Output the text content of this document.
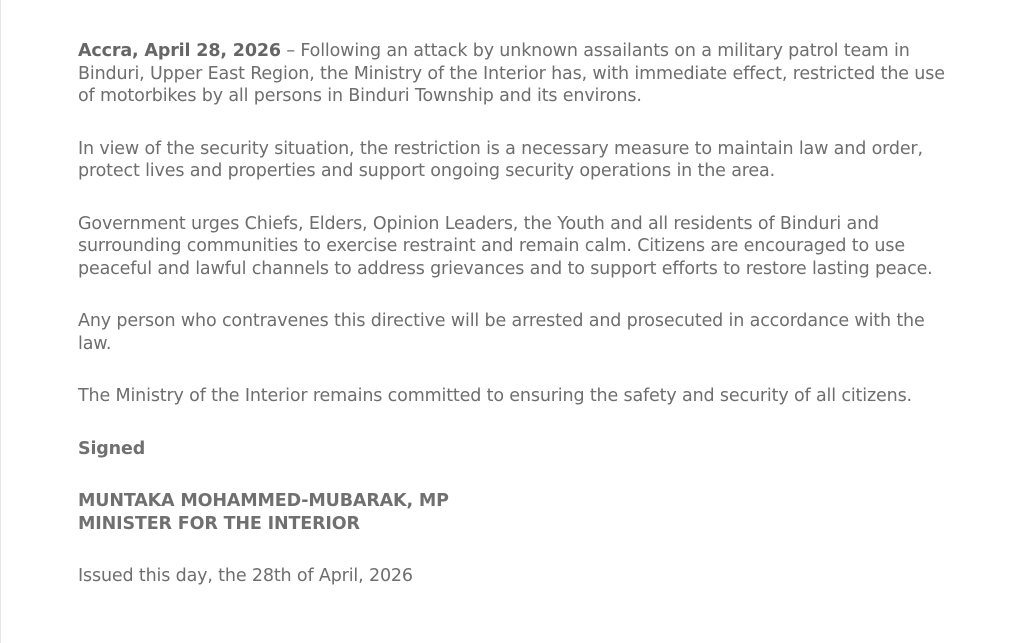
Accra, April 28, 2026 – Following an attack by unknown assailants on a military patrol team in Binduri, Upper East Region, the Ministry of the Interior has, with immediate effect, restricted the use of motorbikes by all persons in Binduri Township and its environs.

In view of the security situation, the restriction is a necessary measure to maintain law and order, protect lives and properties and support ongoing security operations in the area.

Government urges Chiefs, Elders, Opinion Leaders, the Youth and all residents of Binduri and surrounding communities to exercise restraint and remain calm. Citizens are encouraged to use peaceful and lawful channels to address grievances and to support efforts to restore lasting peace.

Any person who contravenes this directive will be arrested and prosecuted in accordance with the law.

The Ministry of the Interior remains committed to ensuring the safety and security of all citizens.

Signed

MUNTAKA MOHAMMED-MUBARAK, MP
MINISTER FOR THE INTERIOR

Issued this day, the 28th of April, 2026
